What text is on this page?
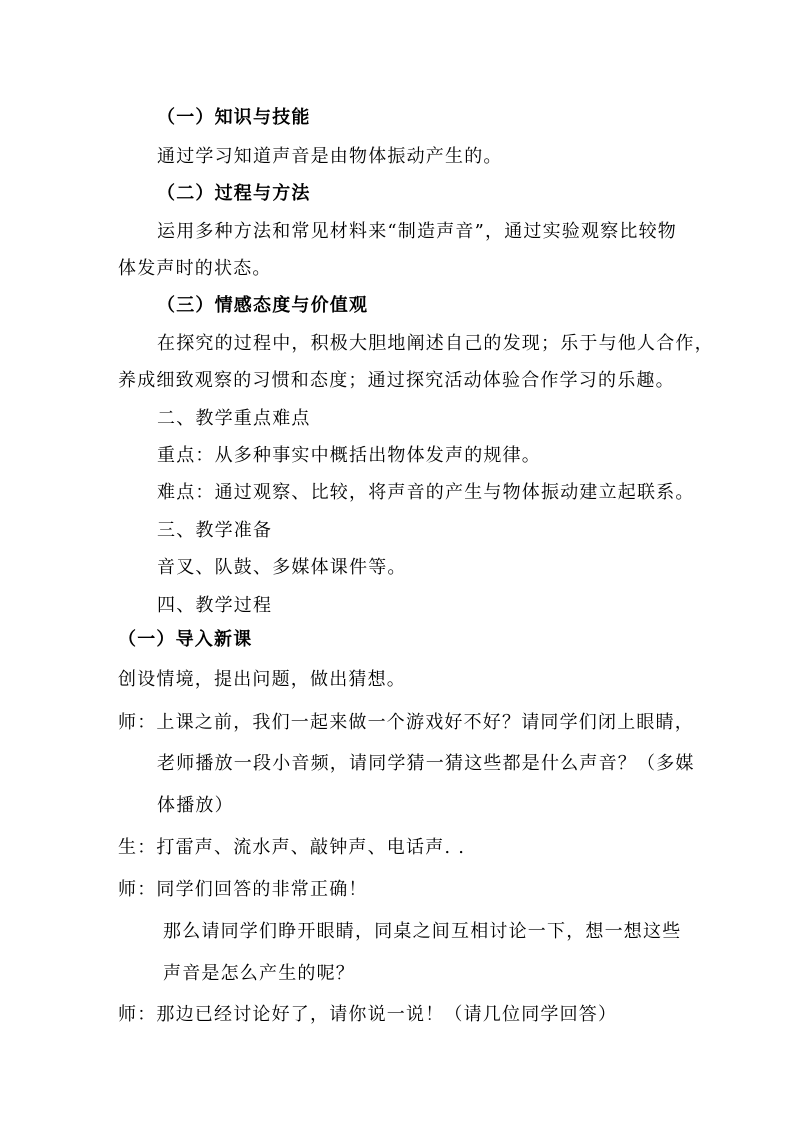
（一）知识与技能
通过学习知道声音是由物体振动产生的。
（二）过程与方法
运用多种方法和常见材料来“制造声音”，通过实验观察比较物
体发声时的状态。
（三）情感态度与价值观
在探究的过程中，积极大胆地阐述自己的发现；乐于与他人合作，
养成细致观察的习惯和态度；通过探究活动体验合作学习的乐趣。
二、教学重点难点
重点：从多种事实中概括出物体发声的规律。
难点：通过观察、比较，将声音的产生与物体振动建立起联系。
三、教学准备
音叉、队鼓、多媒体课件等。
四、教学过程
（一）导入新课
创设情境，提出问题，做出猜想。
师：上课之前，我们一起来做一个游戏好不好？请同学们闭上眼睛，
老师播放一段小音频，请同学猜一猜这些都是什么声音？（多媒
体播放）
生：打雷声、流水声、敲钟声、电话声. .
师：同学们回答的非常正确！
那么请同学们睁开眼睛，同桌之间互相讨论一下，想一想这些
声音是怎么产生的呢？
师：那边已经讨论好了，请你说一说！（请几位同学回答）
